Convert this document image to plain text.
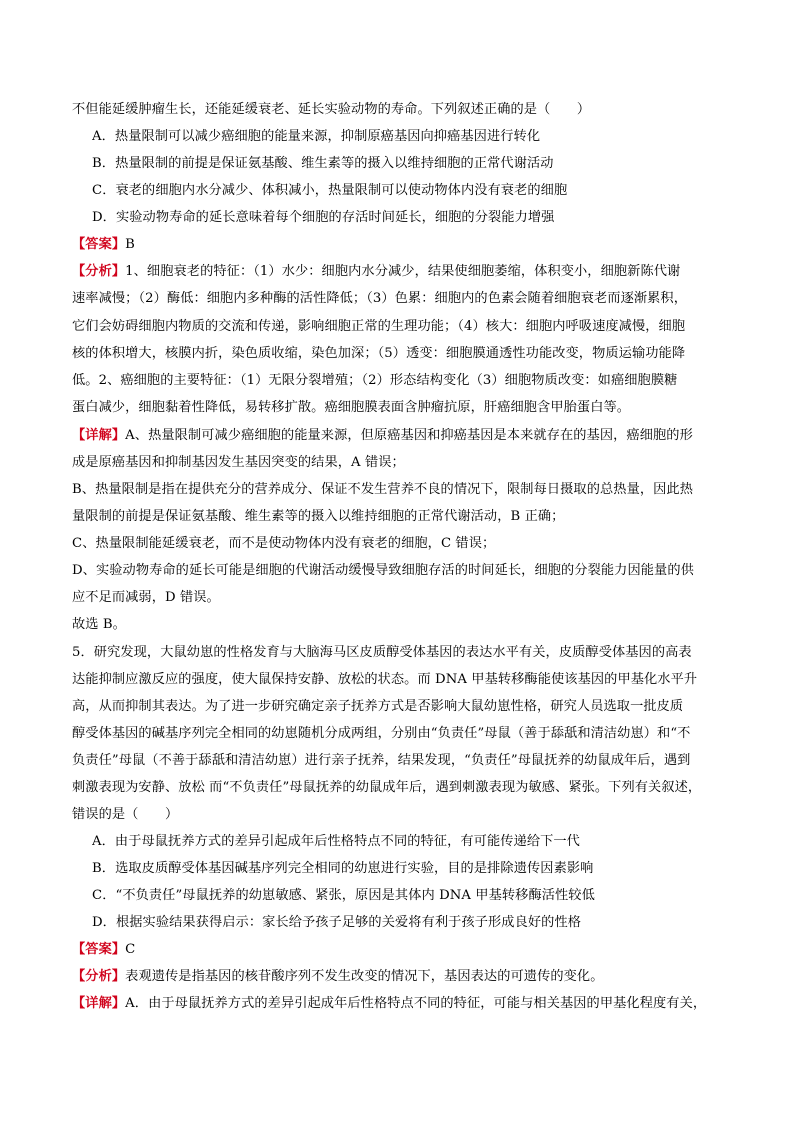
不但能延缓肿瘤生长，还能延缓衰老、延长实验动物的寿命。下列叙述正确的是（　　）
A．热量限制可以减少癌细胞的能量来源，抑制原癌基因向抑癌基因进行转化
B．热量限制的前提是保证氨基酸、维生素等的摄入以维持细胞的正常代谢活动
C．衰老的细胞内水分减少、体积减小，热量限制可以使动物体内没有衰老的细胞
D．实验动物寿命的延长意味着每个细胞的存活时间延长，细胞的分裂能力增强
【答案】B
【分析】1、细胞衰老的特征：（1）水少：细胞内水分减少，结果使细胞萎缩，体积变小，细胞新陈代谢
速率减慢；（2）酶低：细胞内多种酶的活性降低；（3）色累：细胞内的色素会随着细胞衰老而逐渐累积，
它们会妨碍细胞内物质的交流和传递，影响细胞正常的生理功能；（4）核大：细胞内呼吸速度减慢，细胞
核的体积增大，核膜内折，染色质收缩，染色加深；（5）透变：细胞膜通透性功能改变，物质运输功能降
低。2、癌细胞的主要特征：（1）无限分裂增殖；（2）形态结构变化（3）细胞物质改变：如癌细胞膜糖
蛋白减少，细胞黏着性降低，易转移扩散。癌细胞膜表面含肿瘤抗原，肝癌细胞含甲胎蛋白等。
【详解】A、热量限制可减少癌细胞的能量来源，但原癌基因和抑癌基因是本来就存在的基因，癌细胞的形
成是原癌基因和抑制基因发生基因突变的结果，A 错误；
B、热量限制是指在提供充分的营养成分、保证不发生营养不良的情况下，限制每日摄取的总热量，因此热
量限制的前提是保证氨基酸、维生素等的摄入以维持细胞的正常代谢活动，B 正确；
C、热量限制能延缓衰老，而不是使动物体内没有衰老的细胞，C 错误；
D、实验动物寿命的延长可能是细胞的代谢活动缓慢导致细胞存活的时间延长，细胞的分裂能力因能量的供
应不足而减弱，D 错误。
故选 B。
5．研究发现，大鼠幼崽的性格发育与大脑海马区皮质醇受体基因的表达水平有关，皮质醇受体基因的高表
达能抑制应激反应的强度，使大鼠保持安静、放松的状态。而 DNA 甲基转移酶能使该基因的甲基化水平升
高，从而抑制其表达。为了进一步研究确定亲子抚养方式是否影响大鼠幼崽性格，研究人员选取一批皮质
醇受体基因的碱基序列完全相同的幼崽随机分成两组，分别由“负责任”母鼠（善于舔舐和清洁幼崽）和“不
负责任”母鼠（不善于舔舐和清洁幼崽）进行亲子抚养，结果发现，“负责任”母鼠抚养的幼鼠成年后，遇到
刺激表现为安静、放松 而“不负责任”母鼠抚养的幼鼠成年后，遇到刺激表现为敏感、紧张。下列有关叙述，
错误的是（　　）
A．由于母鼠抚养方式的差异引起成年后性格特点不同的特征，有可能传递给下一代
B．选取皮质醇受体基因碱基序列完全相同的幼崽进行实验，目的是排除遗传因素影响
C．“不负责任”母鼠抚养的幼崽敏感、紧张，原因是其体内 DNA 甲基转移酶活性较低
D．根据实验结果获得启示：家长给予孩子足够的关爱将有利于孩子形成良好的性格
【答案】C
【分析】表观遗传是指基因的核苷酸序列不发生改变的情况下，基因表达的可遗传的变化。
【详解】A．由于母鼠抚养方式的差异引起成年后性格特点不同的特征，可能与相关基因的甲基化程度有关，
